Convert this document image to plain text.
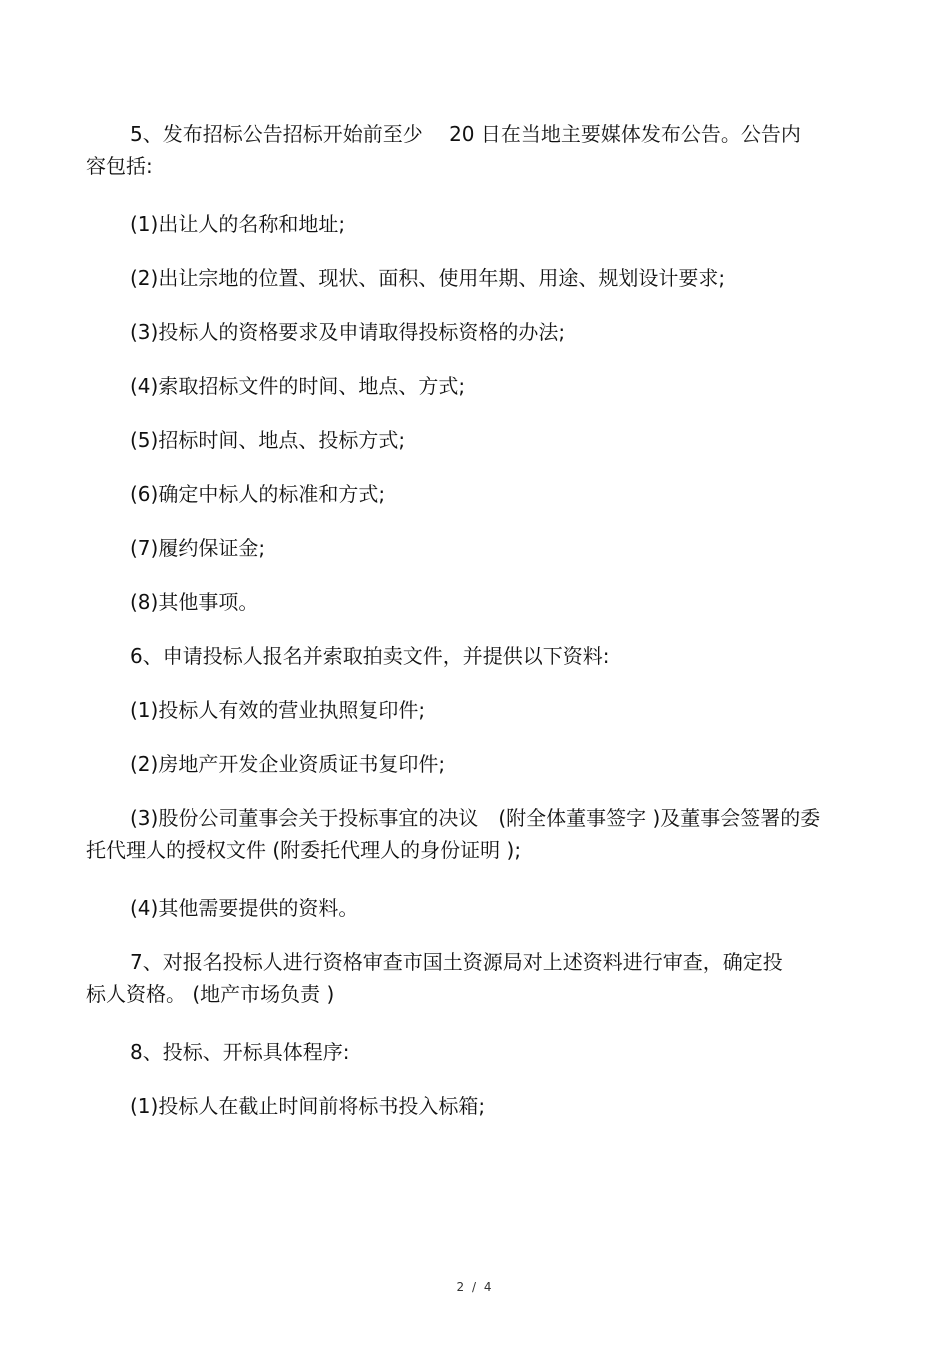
5、发布招标公告招标开始前至少　 20 日在当地主要媒体发布公告。公告内
容包括:
(1)出让人的名称和地址;
(2)出让宗地的位置、现状、面积、使用年期、用途、规划设计要求;
(3)投标人的资格要求及申请取得投标资格的办法;
(4)索取招标文件的时间、地点、方式;
(5)招标时间、地点、投标方式;
(6)确定中标人的标准和方式;
(7)履约保证金;
(8)其他事项。
6、申请投标人报名并索取拍卖文件，并提供以下资料:
(1)投标人有效的营业执照复印件;
(2)房地产开发企业资质证书复印件;
(3)股份公司董事会关于投标事宜的决议　(附全体董事签字 )及董事会签署的委
托代理人的授权文件 (附委托代理人的身份证明 );
(4)其他需要提供的资料。
7、对报名投标人进行资格审查市国土资源局对上述资料进行审查，确定投
标人资格。 (地产市场负责 )
8、投标、开标具体程序:
(1)投标人在截止时间前将标书投入标箱;
2 / 4
